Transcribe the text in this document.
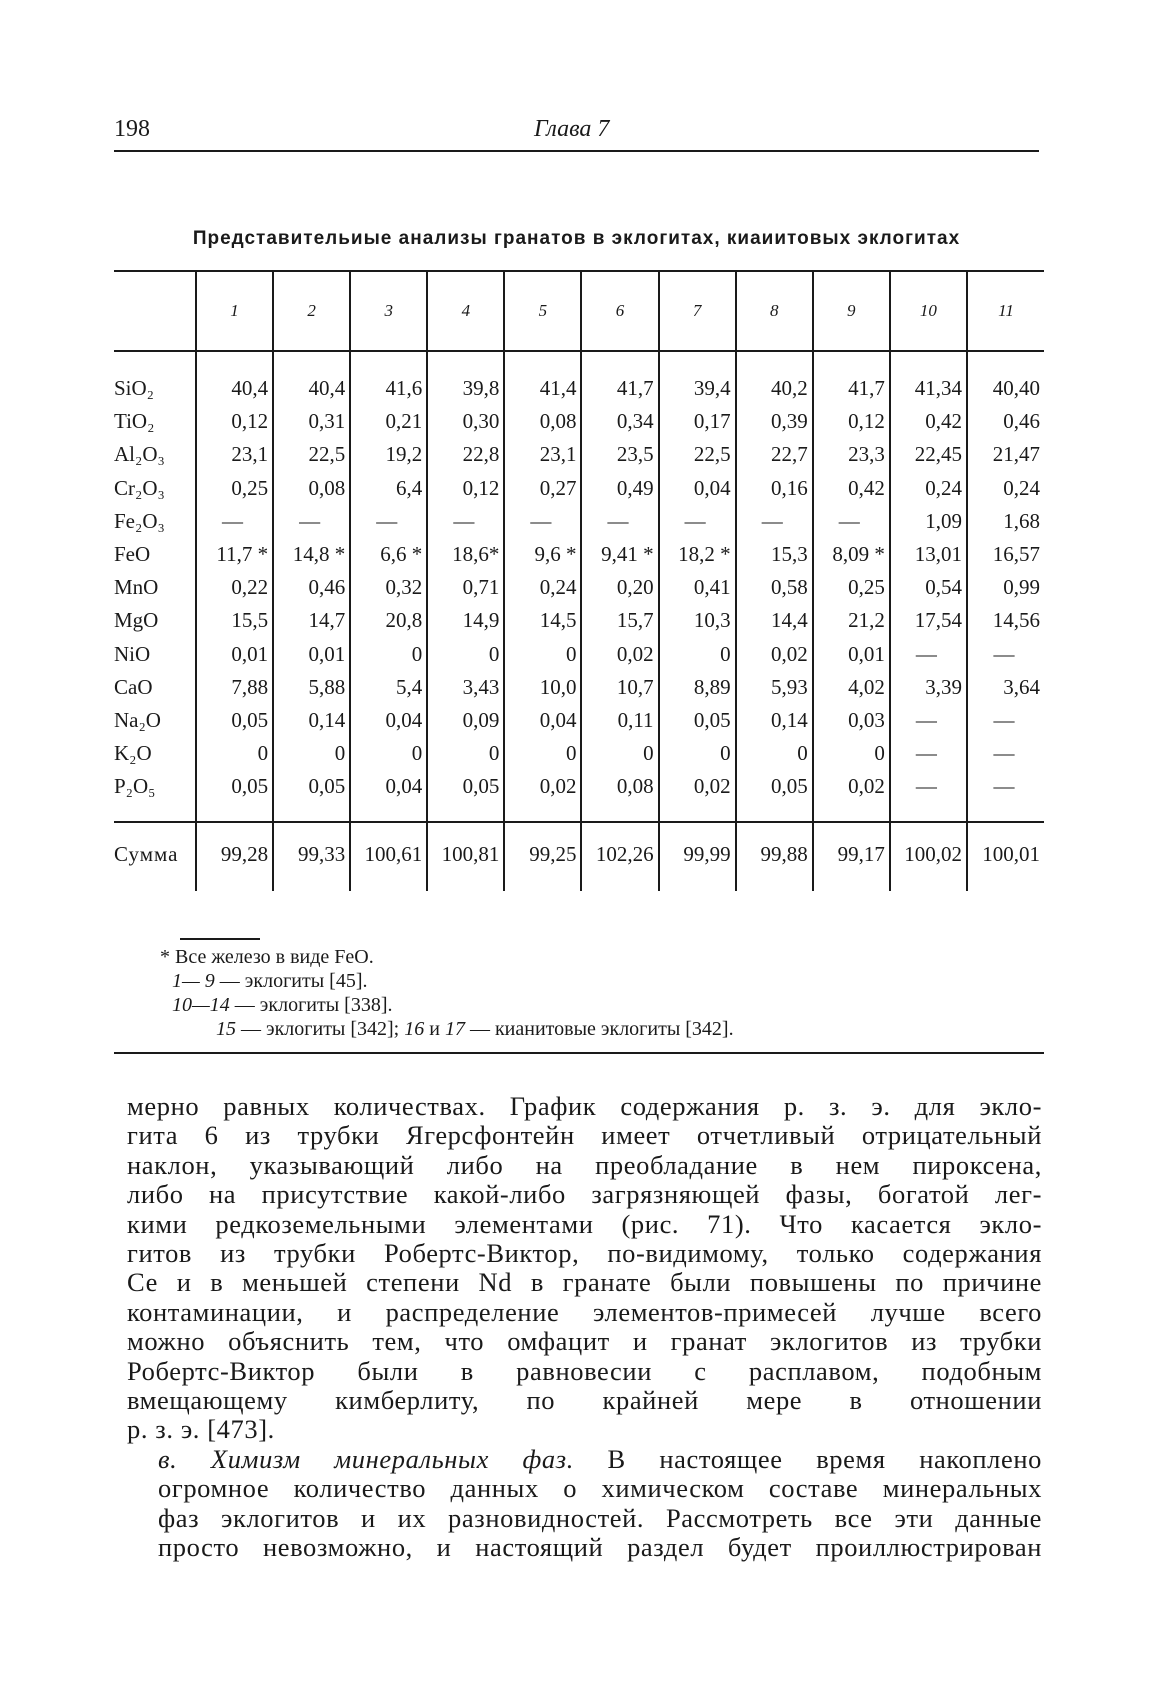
198	Глава 7
Представительиые анализы гранатов в эклогитах, киаиитовых эклогитах
	1	2	3	4	5	6	7	8	9	10	11
SiO₂	40,4	40,4	41,6	39,8	41,4	41,7	39,4	40,2	41,7	41,34	40,40
TiO₂	0,12	0,31	0,21	0,30	0,08	0,34	0,17	0,39	0,12	0,42	0,46
Al₂O₃	23,1	22,5	19,2	22,8	23,1	23,5	22,5	22,7	23,3	22,45	21,47
Cr₂O₃	0,25	0,08	6,4	0,12	0,27	0,49	0,04	0,16	0,42	0,24	0,24
Fe₂O₃	—	—	—	—	—	—	—	—	—	1,09	1,68
FeO	11,7 *	14,8 *	6,6 *	18,6*	9,6 *	9,41 *	18,2 *	15,3	8,09 *	13,01	16,57
MnO	0,22	0,46	0,32	0,71	0,24	0,20	0,41	0,58	0,25	0,54	0,99
MgO	15,5	14,7	20,8	14,9	14,5	15,7	10,3	14,4	21,2	17,54	14,56
NiO	0,01	0,01	0	0	0	0,02	0	0,02	0,01	—	—
CaO	7,88	5,88	5,4	3,43	10,0	10,7	8,89	5,93	4,02	3,39	3,64
Na₂O	0,05	0,14	0,04	0,09	0,04	0,11	0,05	0,14	0,03	—	—
K₂O	0	0	0	0	0	0	0	0	0	—	—
P₂O₅	0,05	0,05	0,04	0,05	0,02	0,08	0,02	0,05	0,02	—	—
Сумма	99,28	99,33	100,61	100,81	99,25	102,26	99,99	99,88	99,17	100,02	100,01
* Все железо в виде FeO.
1— 9 — эклогиты [45].
10—14 — эклогиты [338].
15 — эклогиты [342]; 16 и 17 — кианитовые эклогиты [342].

мерно равных количествах. График содержания р. з. э. для экло-
гита 6 из трубки Ягерсфонтейн имеет отчетливый отрицательный
наклон, указывающий либо на преобладание в нем пироксена,
либо на присутствие какой-либо загрязняющей фазы, богатой лег-
кими редкоземельными элементами (рис. 71). Что касается экло-
гитов из трубки Робертс-Виктор, по-видимому, только содержания
Се и в меньшей степени Nd в гранате были повышены по причине
контаминации, и распределение элементов-примесей лучше всего
можно объяснить тем, что омфацит и гранат эклогитов из трубки
Робертс-Виктор были в равновесии с расплавом, подобным
вмещающему кимберлиту, по крайней мере в отношении
р. з. э. [473].

в. Химизм минеральных фаз. В настоящее время накоплено
огромное количество данных о химическом составе минеральных
фаз эклогитов и их разновидностей. Рассмотреть все эти данные
просто невозможно, и настоящий раздел будет проиллюстрирован
